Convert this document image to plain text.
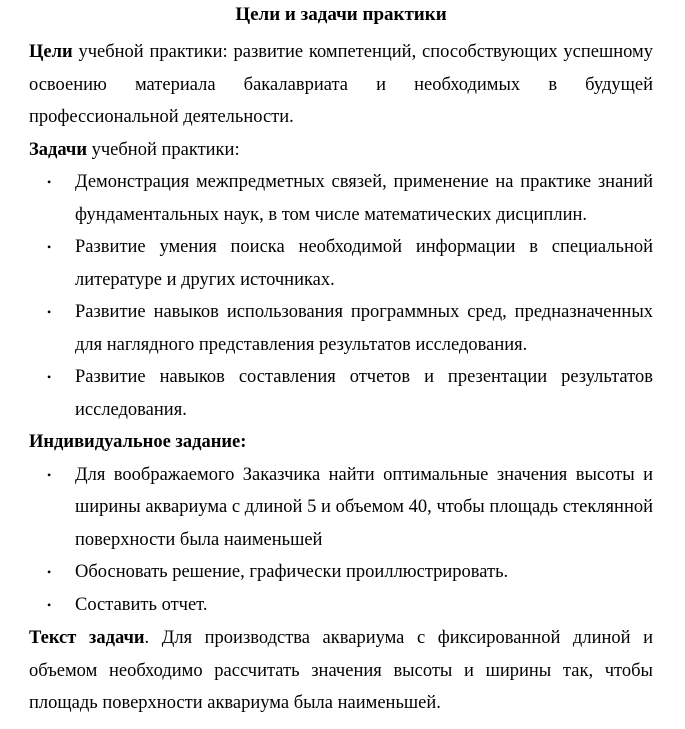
Цели и задачи практики

Цели учебной практики: развитие компетенций, способствующих успешному освоению материала бакалавриата и необходимых в будущей профессиональной деятельности.

Задачи учебной практики:

• Демонстрация межпредметных связей, применение на практике знаний фундаментальных наук, в том числе математических дисциплин.
• Развитие умения поиска необходимой информации в специальной литературе и других источниках.
• Развитие навыков использования программных сред, предназначенных для наглядного представления результатов исследования.
• Развитие навыков составления отчетов и презентации результатов исследования.

Индивидуальное задание:

• Для воображаемого Заказчика найти оптимальные значения высоты и ширины аквариума с длиной 5 и объемом 40, чтобы площадь стеклянной поверхности была наименьшей
• Обосновать решение, графически проиллюстрировать.
• Составить отчет.

Текст задачи. Для производства аквариума с фиксированной длиной и объемом необходимо рассчитать значения высоты и ширины так, чтобы площадь поверхности аквариума была наименьшей.
